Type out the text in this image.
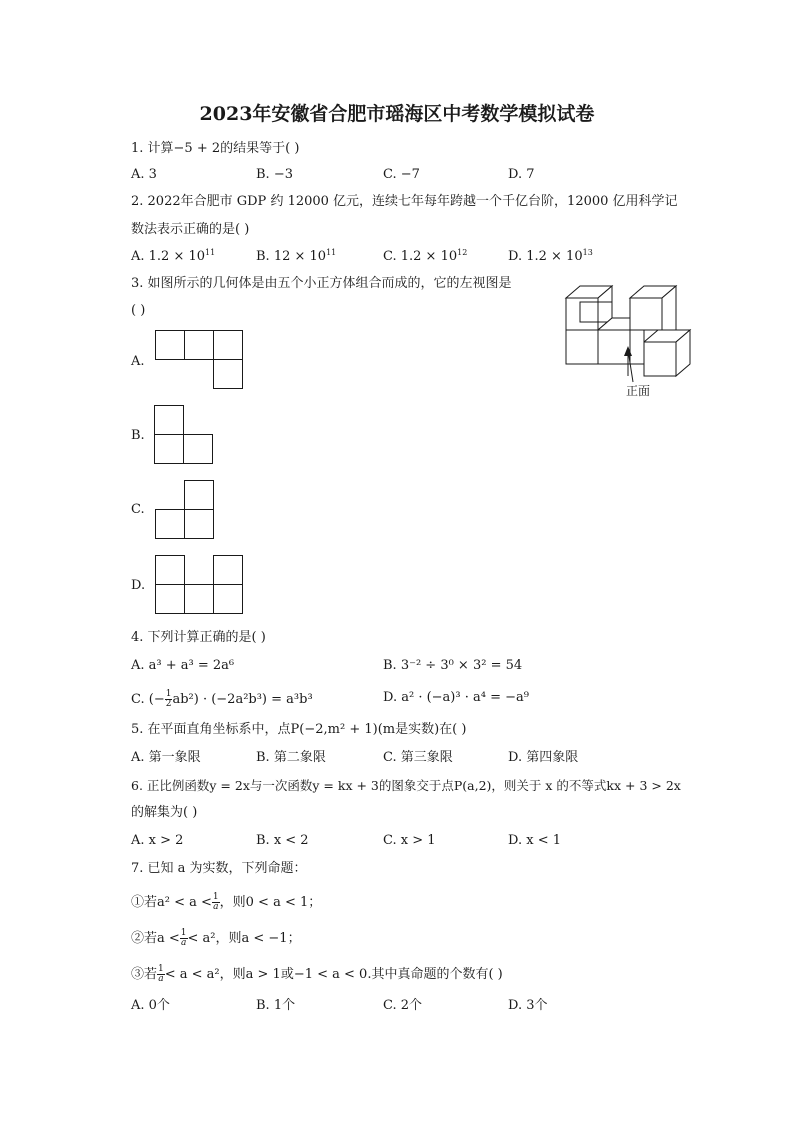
2023年安徽省合肥市瑶海区中考数学模拟试卷
1. 计算−5 + 2的结果等于( )
A. 3	B. −3	C. −7	D. 7
2. 2022年合肥市 GDP 约 12000 亿元，连续七年每年跨越一个千亿台阶，12000 亿用科学记
数法表示正确的是( )
A. $1.2 \times 10^{11}$	B. $12 \times 10^{11}$	C. $1.2 \times 10^{12}$	D. $1.2 \times 10^{13}$
3. 如图所示的几何体是由五个小正方体组合而成的，它的左视图是
( )
正面
A.
B.
C.
D.
4. 下列计算正确的是( )
A. a³ + a³ = 2a⁶	B. 3⁻² ÷ 3⁰ × 3² = 54
C. (− $\frac{1}{2} ab^2) \cdot (-2a^2b^3) = a^3b^3$	D. a² · (−a)³ · a⁴ = −a⁹
5. 在平面直角坐标系中，点P(−2,m² + 1)(m是实数)在( )
A. 第一象限	B. 第二象限	C. 第三象限	D. 第四象限
6. 正比例函数y = 2x与一次函数y = kx + 3的图象交于点P(a,2)，则关于 x 的不等式kx + 3 > 2x
的解集为( )
A. x > 2	B. x < 2	C. x > 1	D. x < 1
7. 已知 a 为实数，下列命题：
①若$a^2 < a < \frac{1}{a}$ ，则0 < a < 1；
②若$a < \frac{1}{a} < a^2$，则a < −1；
③若 $\frac{1}{a} < a < a^2$，则a > 1或−1 < a < 0.其中真命题的个数有( )
A. 0个	B. 1个	C. 2个	D. 3个
